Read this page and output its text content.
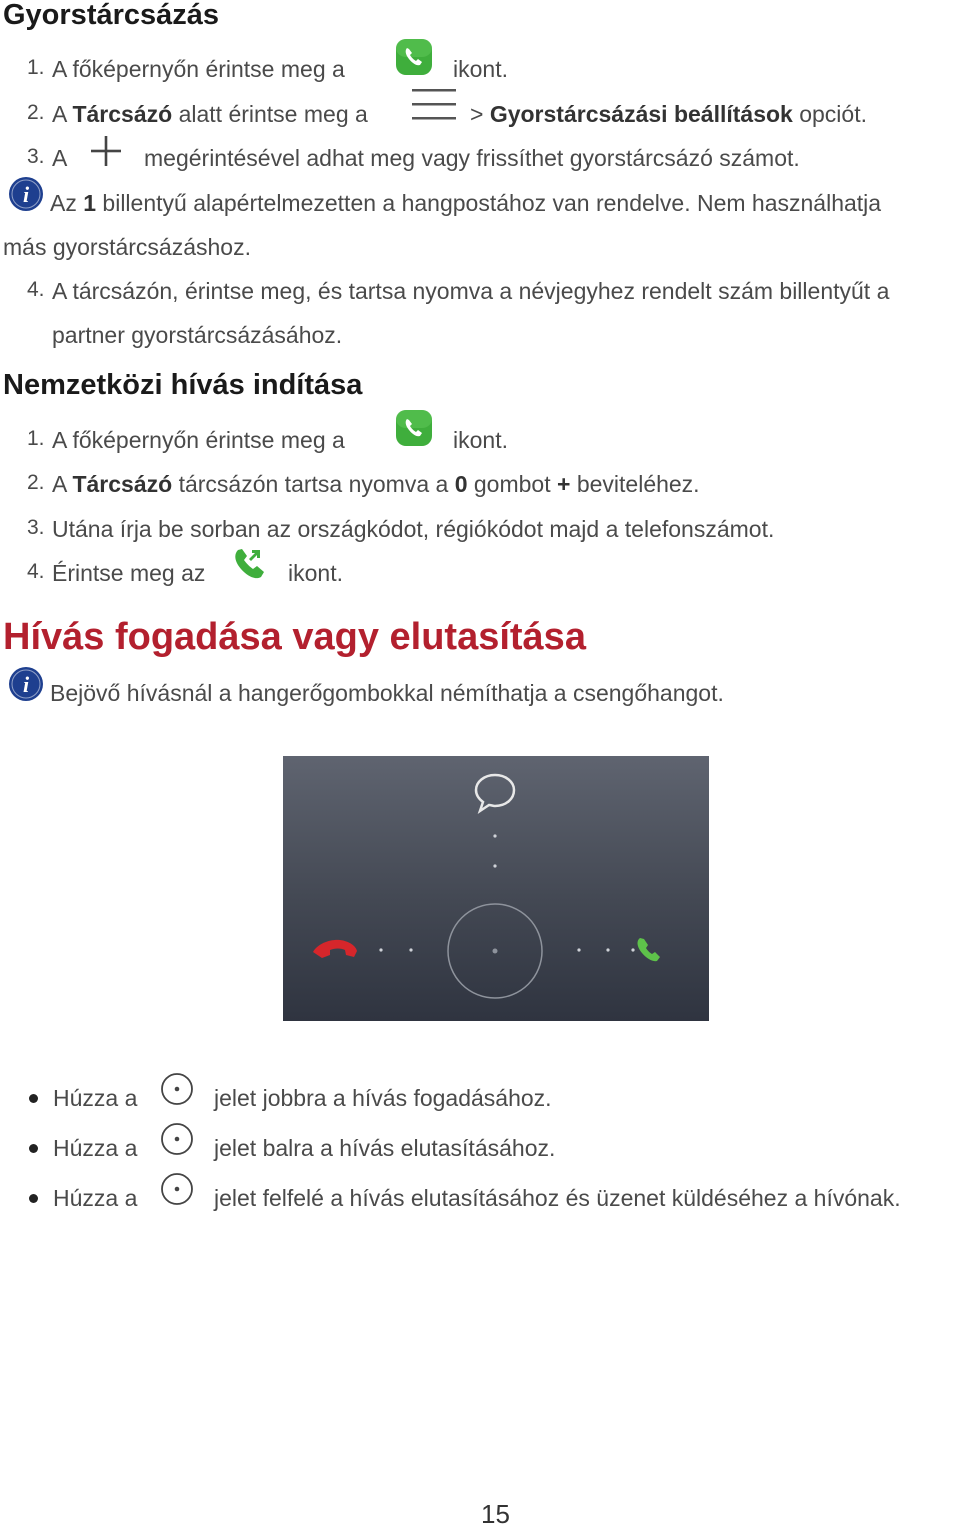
Gyorstárcsázás
1. A főképernyőn érintse meg a	ikont.
2. A Tárcsázó alatt érintse meg a	> Gyorstárcsázási beállítások opciót.
3. A	megérintésével adhat meg vagy frissíthet gyorstárcsázó számot.
i Az 1 billentyű alapértelmezetten a hangpostához van rendelve. Nem használhatja
más gyorstárcsázáshoz.
4. A tárcsázón, érintse meg, és tartsa nyomva a névjegyhez rendelt szám billentyűt a
partner gyorstárcsázásához.
Nemzetközi hívás indítása
1. A főképernyőn érintse meg a	ikont.
2. A Tárcsázó tárcsázón tartsa nyomva a 0 gombot + beviteléhez.
3. Utána írja be sorban az országkódot, régiókódot majd a telefonszámot.
4. Érintse meg az	ikont.
Hívás fogadása vagy elutasítása
i Bejövő hívásnál a hangerőgombokkal némíthatja a csengőhangot.
Húzza a	jelet jobbra a hívás fogadásához.
Húzza a	jelet balra a hívás elutasításához.
Húzza a	jelet felfelé a hívás elutasításához és üzenet küldéséhez a hívónak.
15
